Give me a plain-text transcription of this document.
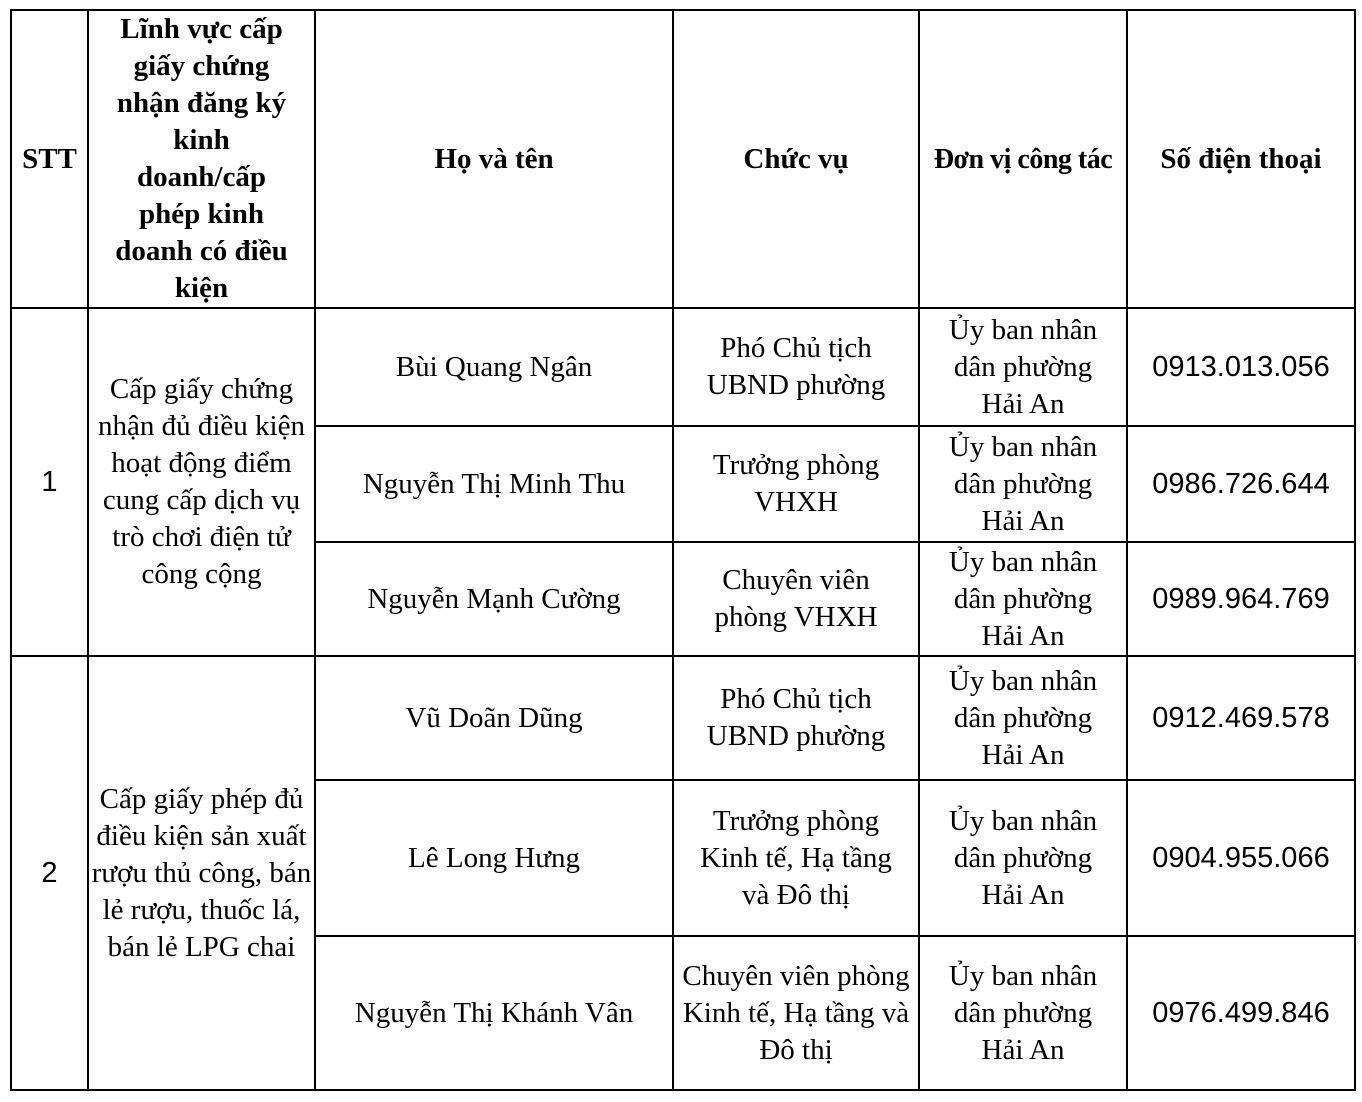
STT	Lĩnh vực cấp giấy chứng nhận đăng ký kinh doanh/cấp phép kinh doanh có điều kiện	Họ và tên	Chức vụ	Đơn vị công tác	Số điện thoại
1	Cấp giấy chứng nhận đủ điều kiện hoạt động điểm cung cấp dịch vụ trò chơi điện tử công cộng	Bùi Quang Ngân	Phó Chủ tịch UBND phường	Ủy ban nhân dân phường Hải An	0913.013.056
		Nguyễn Thị Minh Thu	Trưởng phòng VHXH	Ủy ban nhân dân phường Hải An	0986.726.644
		Nguyễn Mạnh Cường	Chuyên viên phòng VHXH	Ủy ban nhân dân phường Hải An	0989.964.769
2	Cấp giấy phép đủ điều kiện sản xuất rượu thủ công, bán lẻ rượu, thuốc lá, bán lẻ LPG chai	Vũ Doãn Dũng	Phó Chủ tịch UBND phường	Ủy ban nhân dân phường Hải An	0912.469.578
		Lê Long Hưng	Trưởng phòng Kinh tế, Hạ tầng và Đô thị	Ủy ban nhân dân phường Hải An	0904.955.066
		Nguyễn Thị Khánh Vân	Chuyên viên phòng Kinh tế, Hạ tầng và Đô thị	Ủy ban nhân dân phường Hải An	0976.499.846
